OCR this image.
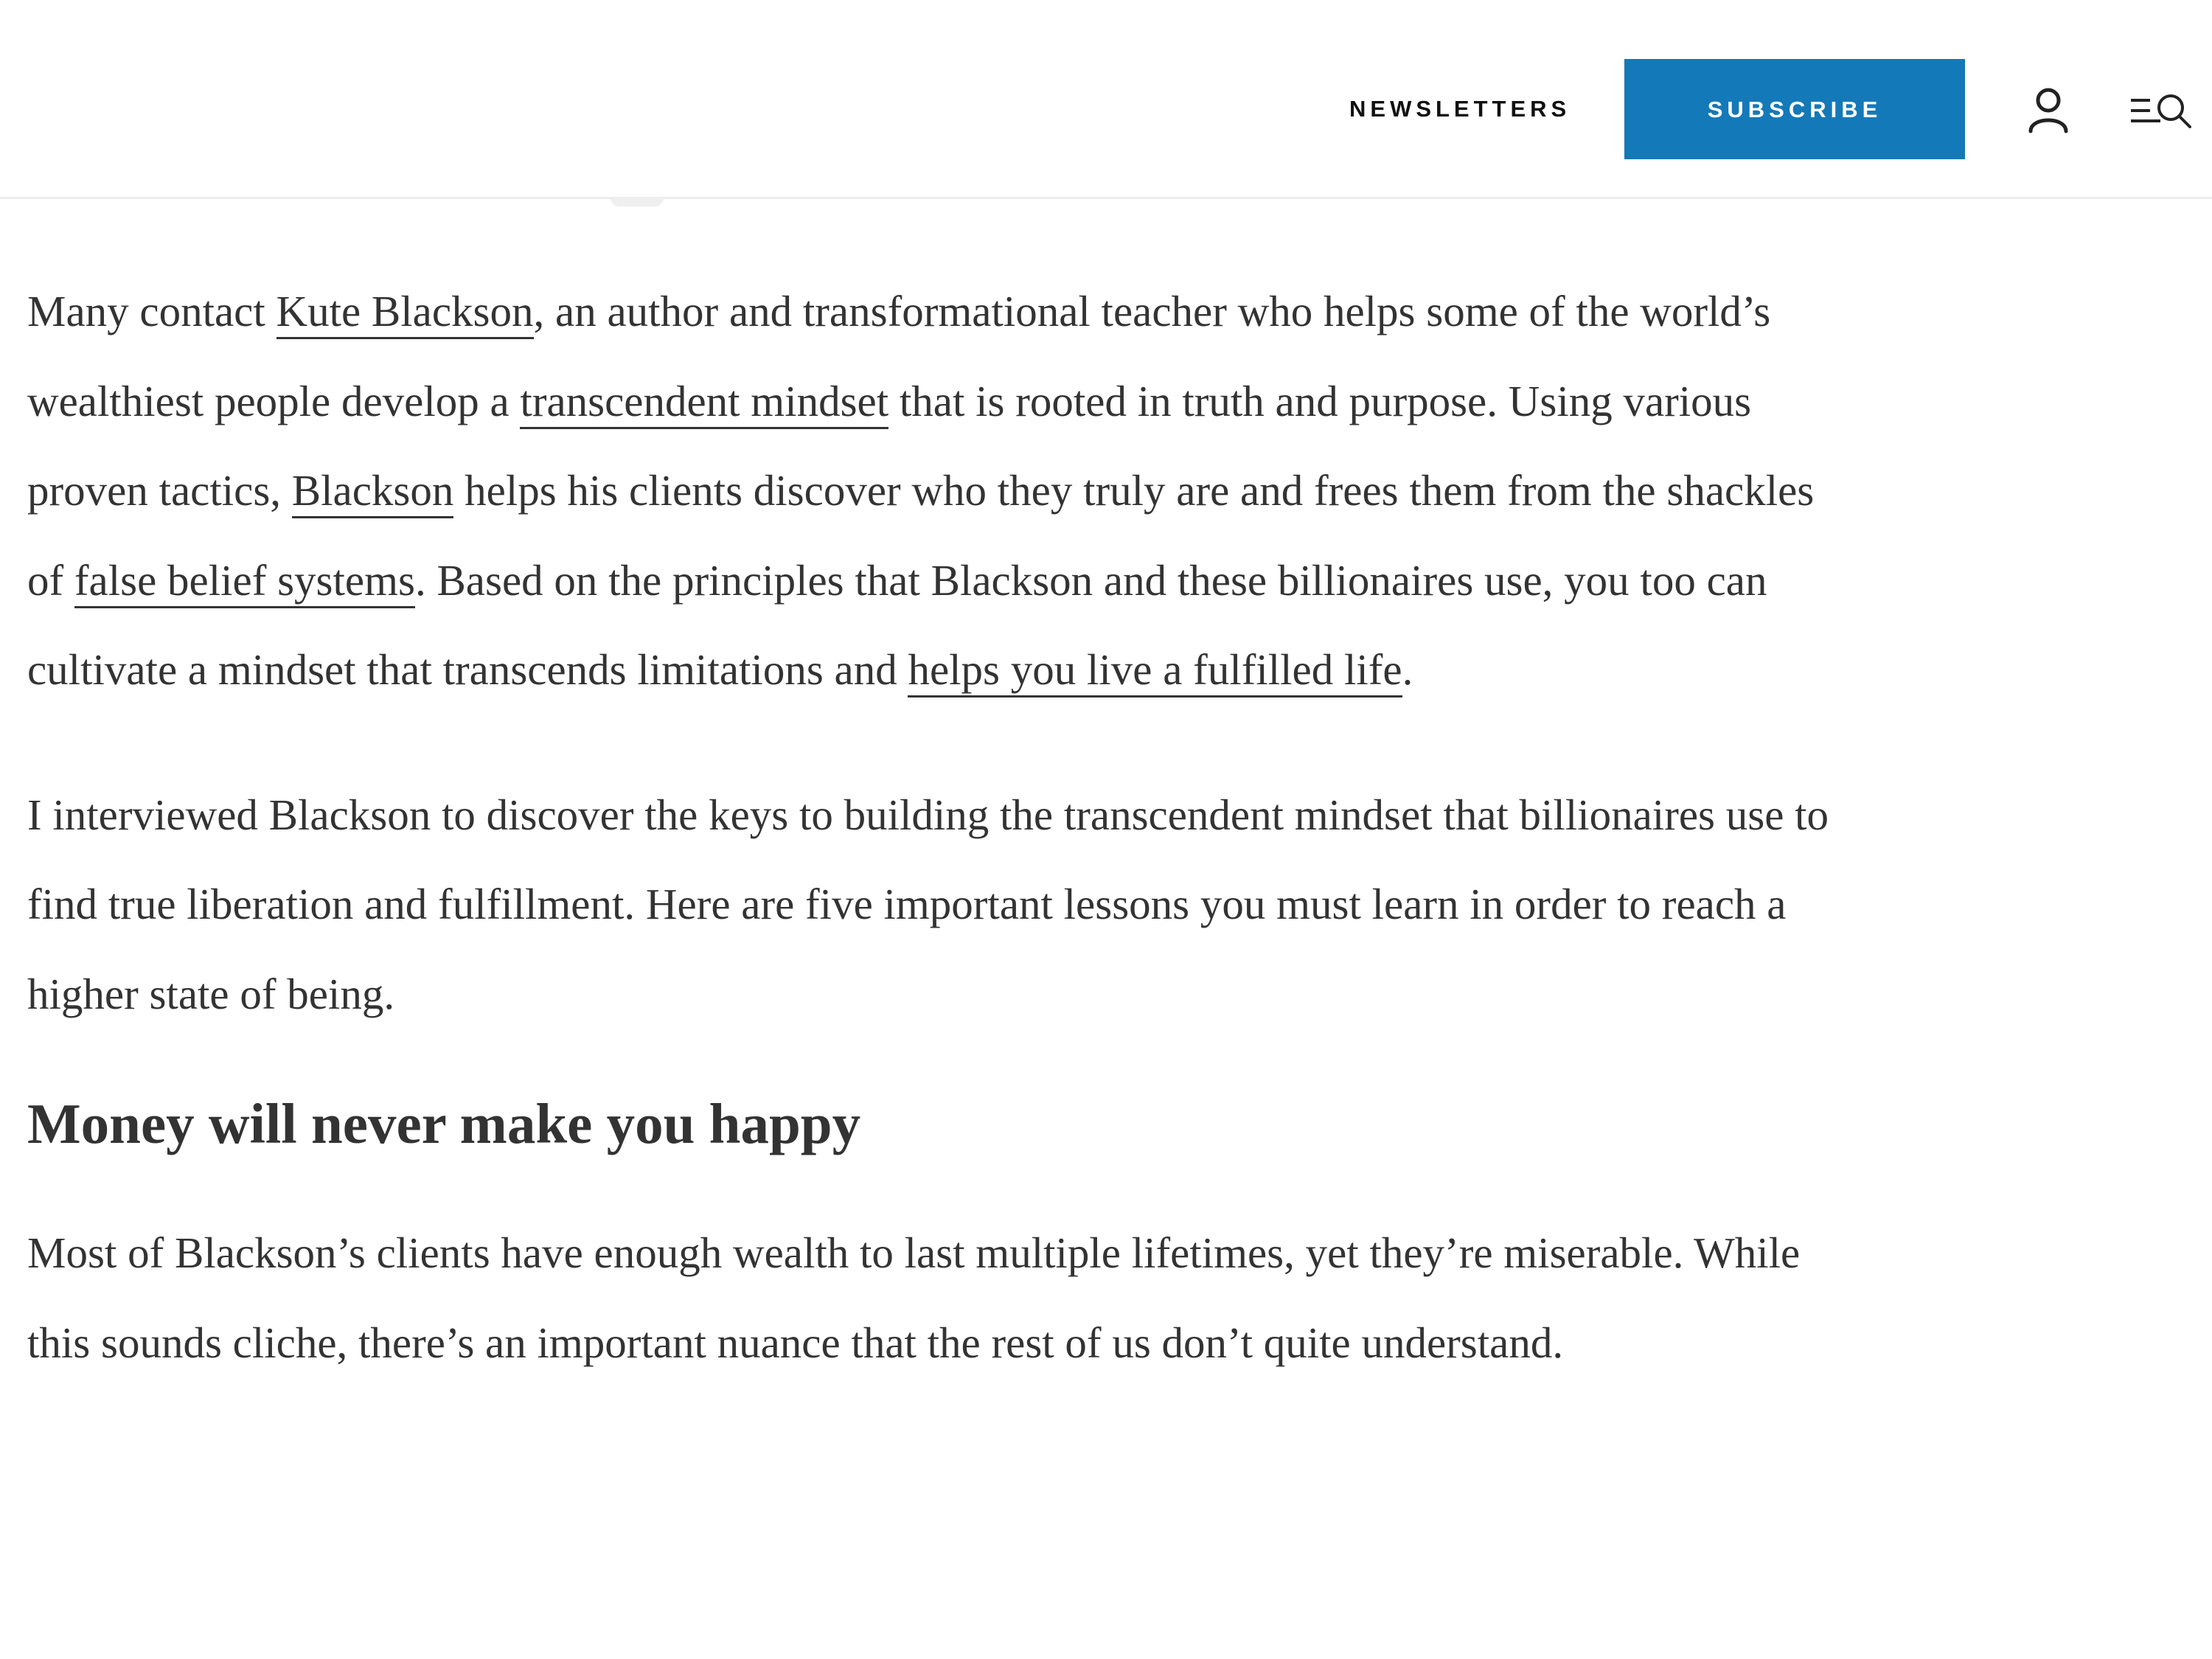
NEWSLETTERS	SUBSCRIBE

Many contact Kute Blackson, an author and transformational teacher who helps some of the world’s wealthiest people develop a transcendent mindset that is rooted in truth and purpose. Using various proven tactics, Blackson helps his clients discover who they truly are and frees them from the shackles of false belief systems. Based on the principles that Blackson and these billionaires use, you too can cultivate a mindset that transcends limitations and helps you live a fulfilled life.

I interviewed Blackson to discover the keys to building the transcendent mindset that billionaires use to find true liberation and fulfillment. Here are five important lessons you must learn in order to reach a higher state of being.

Money will never make you happy

Most of Blackson’s clients have enough wealth to last multiple lifetimes, yet they’re miserable. While this sounds cliche, there’s an important nuance that the rest of us don’t quite understand.
